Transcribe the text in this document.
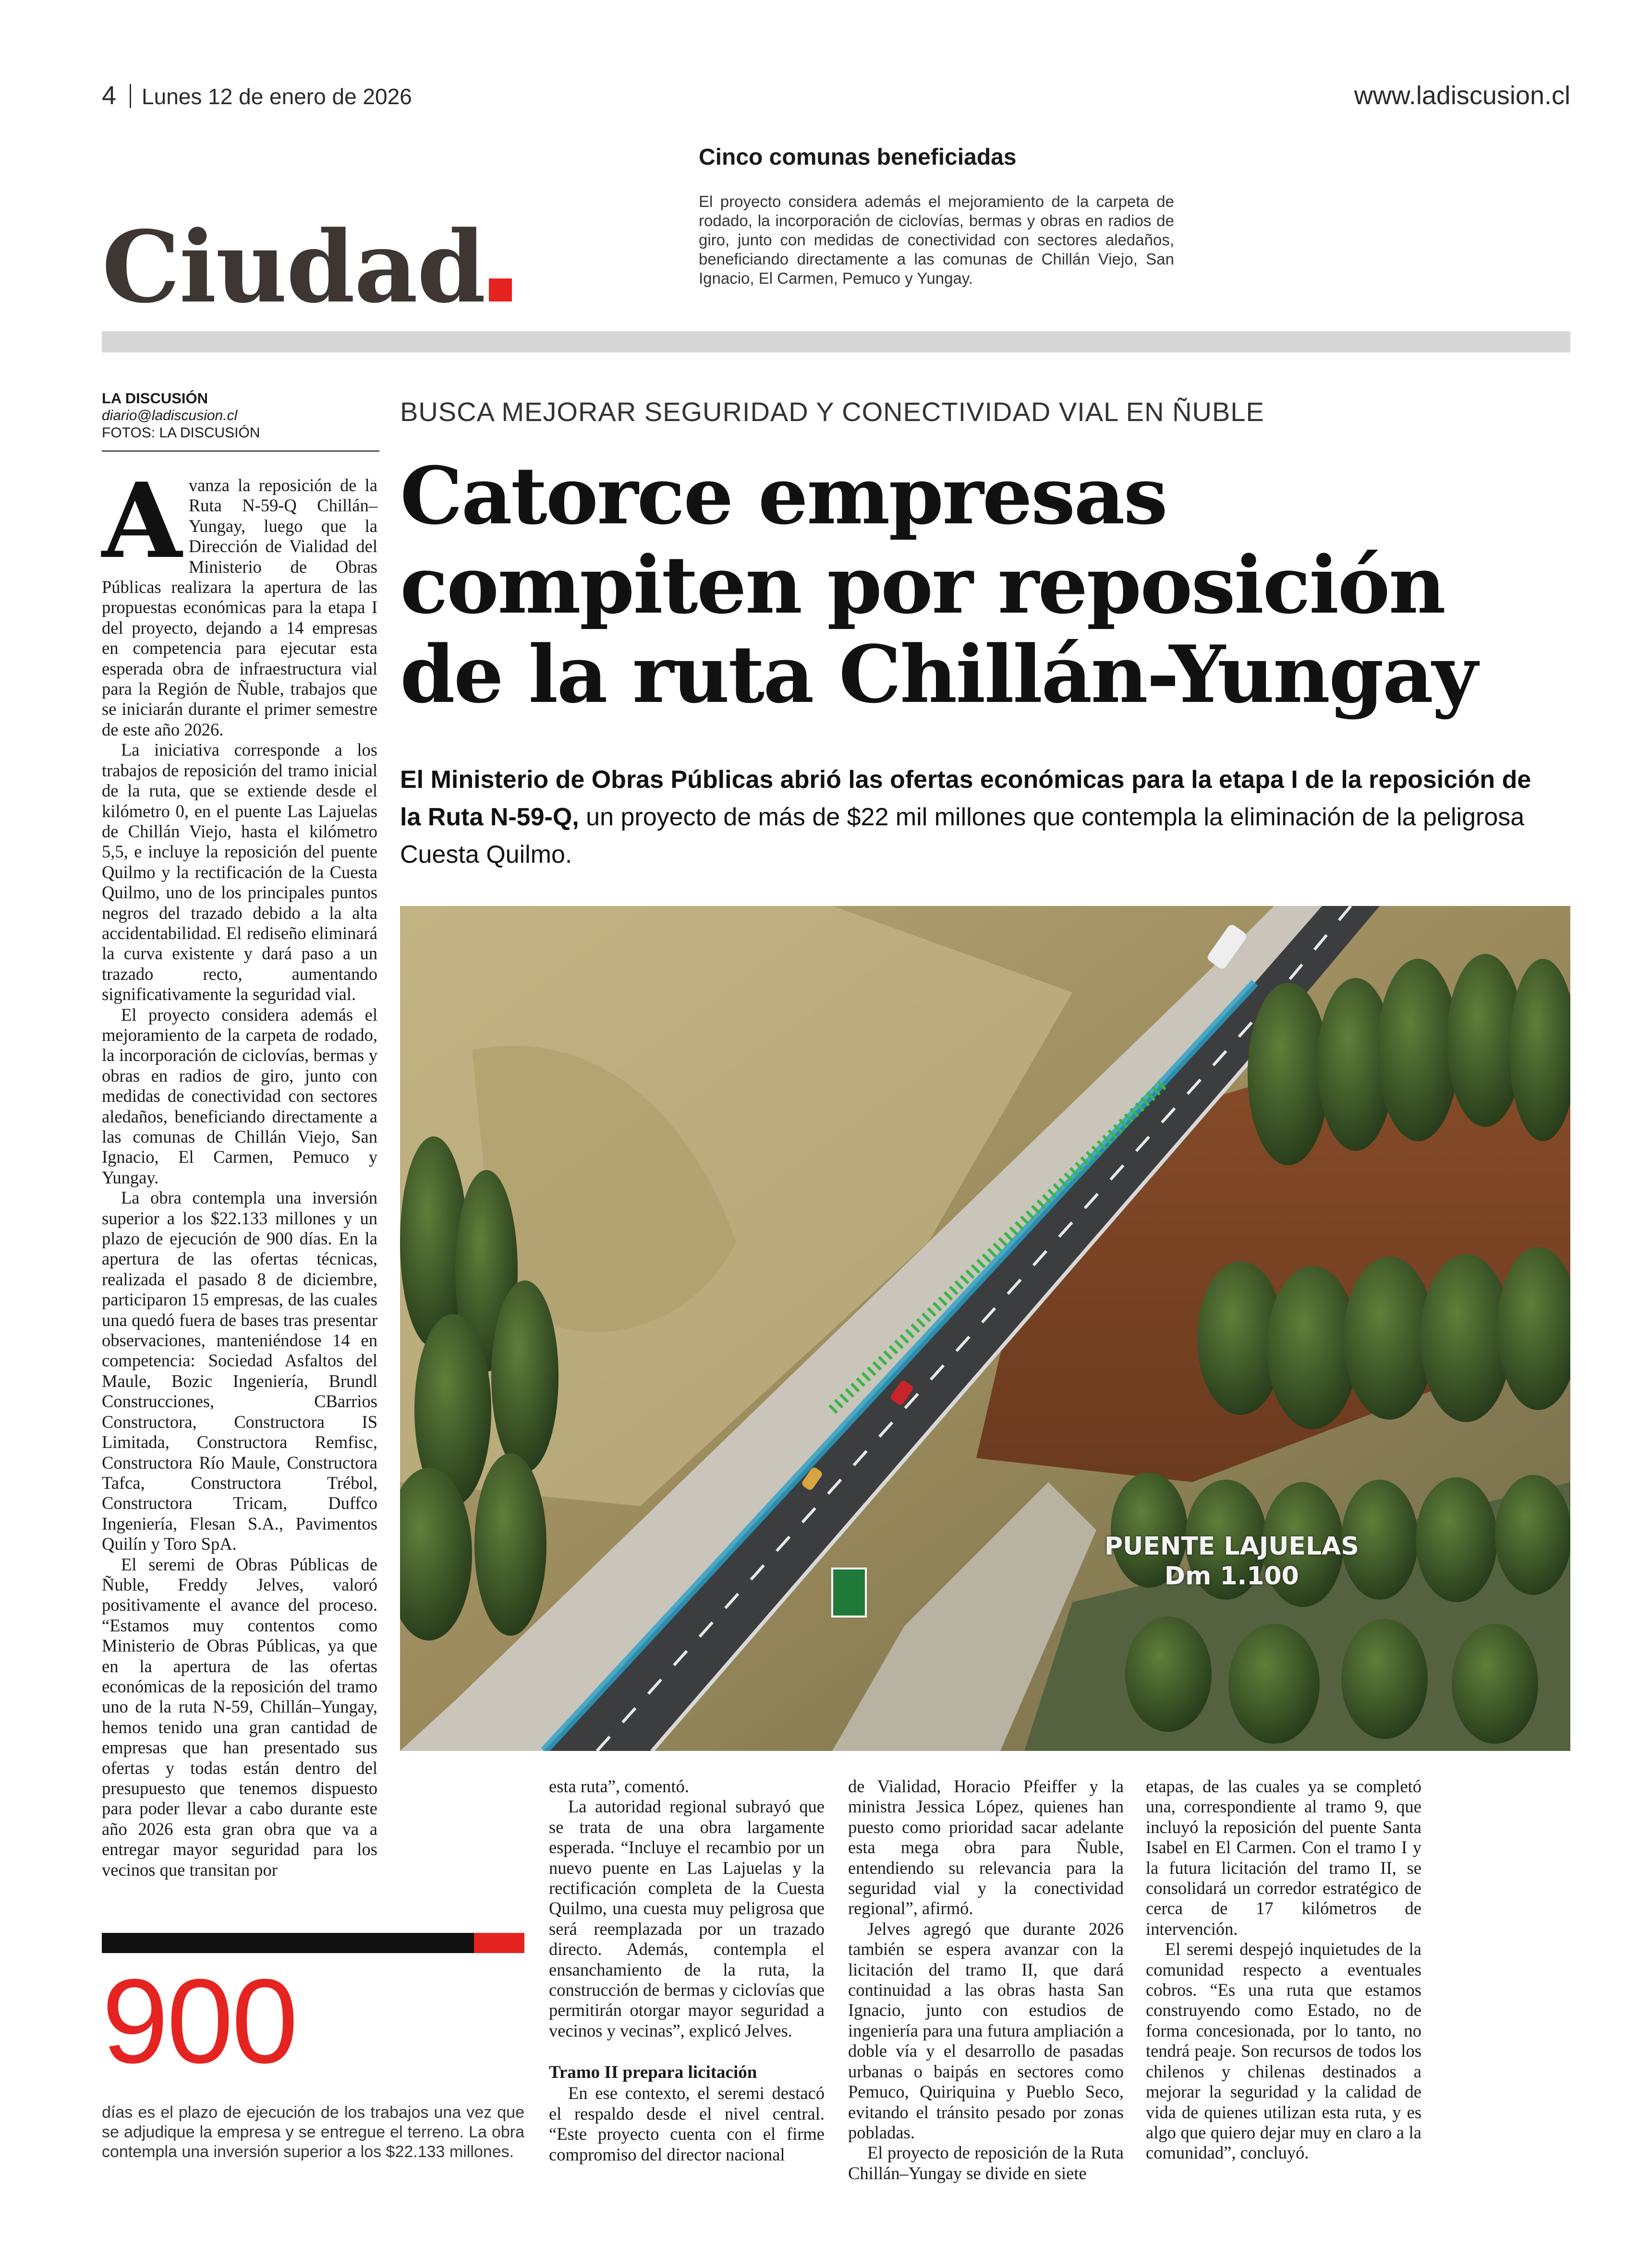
4 Lunes 12 de enero de 2026	www.ladiscusion.cl
Ciudad
Cinco comunas beneficiadas
El proyecto considera además el mejoramiento de la carpeta de rodado, la incorporación de ciclovías, bermas y obras en radios de giro, junto con medidas de conectividad con sectores aledaños, beneficiando directamente a las comunas de Chillán Viejo, San Ignacio, El Carmen, Pemuco y Yungay.
LA DISCUSIÓN
diario@ladiscusion.cl
FOTOS: LA DISCUSIÓN
BUSCA MEJORAR SEGURIDAD Y CONECTIVIDAD VIAL EN ÑUBLE
Catorce empresas compiten por reposición de la ruta Chillán-Yungay
El Ministerio de Obras Públicas abrió las ofertas económicas para la etapa I de la reposición de la Ruta N-59-Q, un proyecto de más de $22 mil millones que contempla la eliminación de la peligrosa Cuesta Quilmo.
A vanza la reposición de la Ruta N-59-Q Chillán–Yungay, luego que la Dirección de Vialidad del Ministerio de Obras Públicas realizara la apertura de las propuestas económicas para la etapa I del proyecto, dejando a 14 empresas en competencia para ejecutar esta esperada obra de infraestructura vial para la Región de Ñuble, trabajos que se iniciarán durante el primer semestre de este año 2026.

La iniciativa corresponde a los trabajos de reposición del tramo inicial de la ruta, que se extiende desde el kilómetro 0, en el puente Las Lajuelas de Chillán Viejo, hasta el kilómetro 5,5, e incluye la reposición del puente Quilmo y la rectificación de la Cuesta Quilmo, uno de los principales puntos negros del trazado debido a la alta accidentabilidad. El rediseño eliminará la curva existente y dará paso a un trazado recto, aumentando significativamente la seguridad vial.

El proyecto considera además el mejoramiento de la carpeta de rodado, la incorporación de ciclovías, bermas y obras en radios de giro, junto con medidas de conectividad con sectores aledaños, beneficiando directamente a las comunas de Chillán Viejo, San Ignacio, El Carmen, Pemuco y Yungay.

La obra contempla una inversión superior a los $22.133 millones y un plazo de ejecución de 900 días. En la apertura de las ofertas técnicas, realizada el pasado 8 de diciembre, participaron 15 empresas, de las cuales una quedó fuera de bases tras presentar observaciones, manteniéndose 14 en competencia: Sociedad Asfaltos del Maule, Bozic Ingeniería, Brundl Construcciones, CBarrios Constructora, Constructora IS Limitada, Constructora Remfisc, Constructora Río Maule, Constructora Tafca, Constructora Trébol, Constructora Tricam, Duffco Ingeniería, Flesan S.A., Pavimentos Quilín y Toro SpA.

El seremi de Obras Públicas de Ñuble, Freddy Jelves, valoró positivamente el avance del proceso. “Estamos muy contentos como Ministerio de Obras Públicas, ya que en la apertura de las ofertas económicas de la reposición del tramo uno de la ruta N-59, Chillán–Yungay, hemos tenido una gran cantidad de empresas que han presentado sus ofertas y todas están dentro del presupuesto que tenemos dispuesto para poder llevar a cabo durante este año 2026 esta gran obra que va a entregar mayor seguridad para los vecinos que transitan por

PUENTE LAJUELAS
Dm 1.100

esta ruta”, comentó.

La autoridad regional subrayó que se trata de una obra largamente esperada. “Incluye el recambio por un nuevo puente en Las Lajuelas y la rectificación completa de la Cuesta Quilmo, una cuesta muy peligrosa que será reemplazada por un trazado directo. Además, contempla el ensanchamiento de la ruta, la construcción de bermas y ciclovías que permitirán otorgar mayor seguridad a vecinos y vecinas”, explicó Jelves.

Tramo II prepara licitación

En ese contexto, el seremi destacó el respaldo desde el nivel central. “Este proyecto cuenta con el firme compromiso del director nacional

de Vialidad, Horacio Pfeiffer y la ministra Jessica López, quienes han puesto como prioridad sacar adelante esta mega obra para Ñuble, entendiendo su relevancia para la seguridad vial y la conectividad regional”, afirmó.

Jelves agregó que durante 2026 también se espera avanzar con la licitación del tramo II, que dará continuidad a las obras hasta San Ignacio, junto con estudios de ingeniería para una futura ampliación a doble vía y el desarrollo de pasadas urbanas o baipás en sectores como Pemuco, Quiriquina y Pueblo Seco, evitando el tránsito pesado por zonas pobladas.

El proyecto de reposición de la Ruta Chillán–Yungay se divide en siete

etapas, de las cuales ya se completó una, correspondiente al tramo 9, que incluyó la reposición del puente Santa Isabel en El Carmen. Con el tramo I y la futura licitación del tramo II, se consolidará un corredor estratégico de cerca de 17 kilómetros de intervención.

El seremi despejó inquietudes de la comunidad respecto a eventuales cobros. “Es una ruta que estamos construyendo como Estado, no de forma concesionada, por lo tanto, no tendrá peaje. Son recursos de todos los chilenos y chilenas destinados a mejorar la seguridad y la calidad de vida de quienes utilizan esta ruta, y es algo que quiero dejar muy en claro a la comunidad”, concluyó.

900
días es el plazo de ejecución de los trabajos una vez que se adjudique la empresa y se entregue el terreno. La obra contempla una inversión superior a los $22.133 millones.
